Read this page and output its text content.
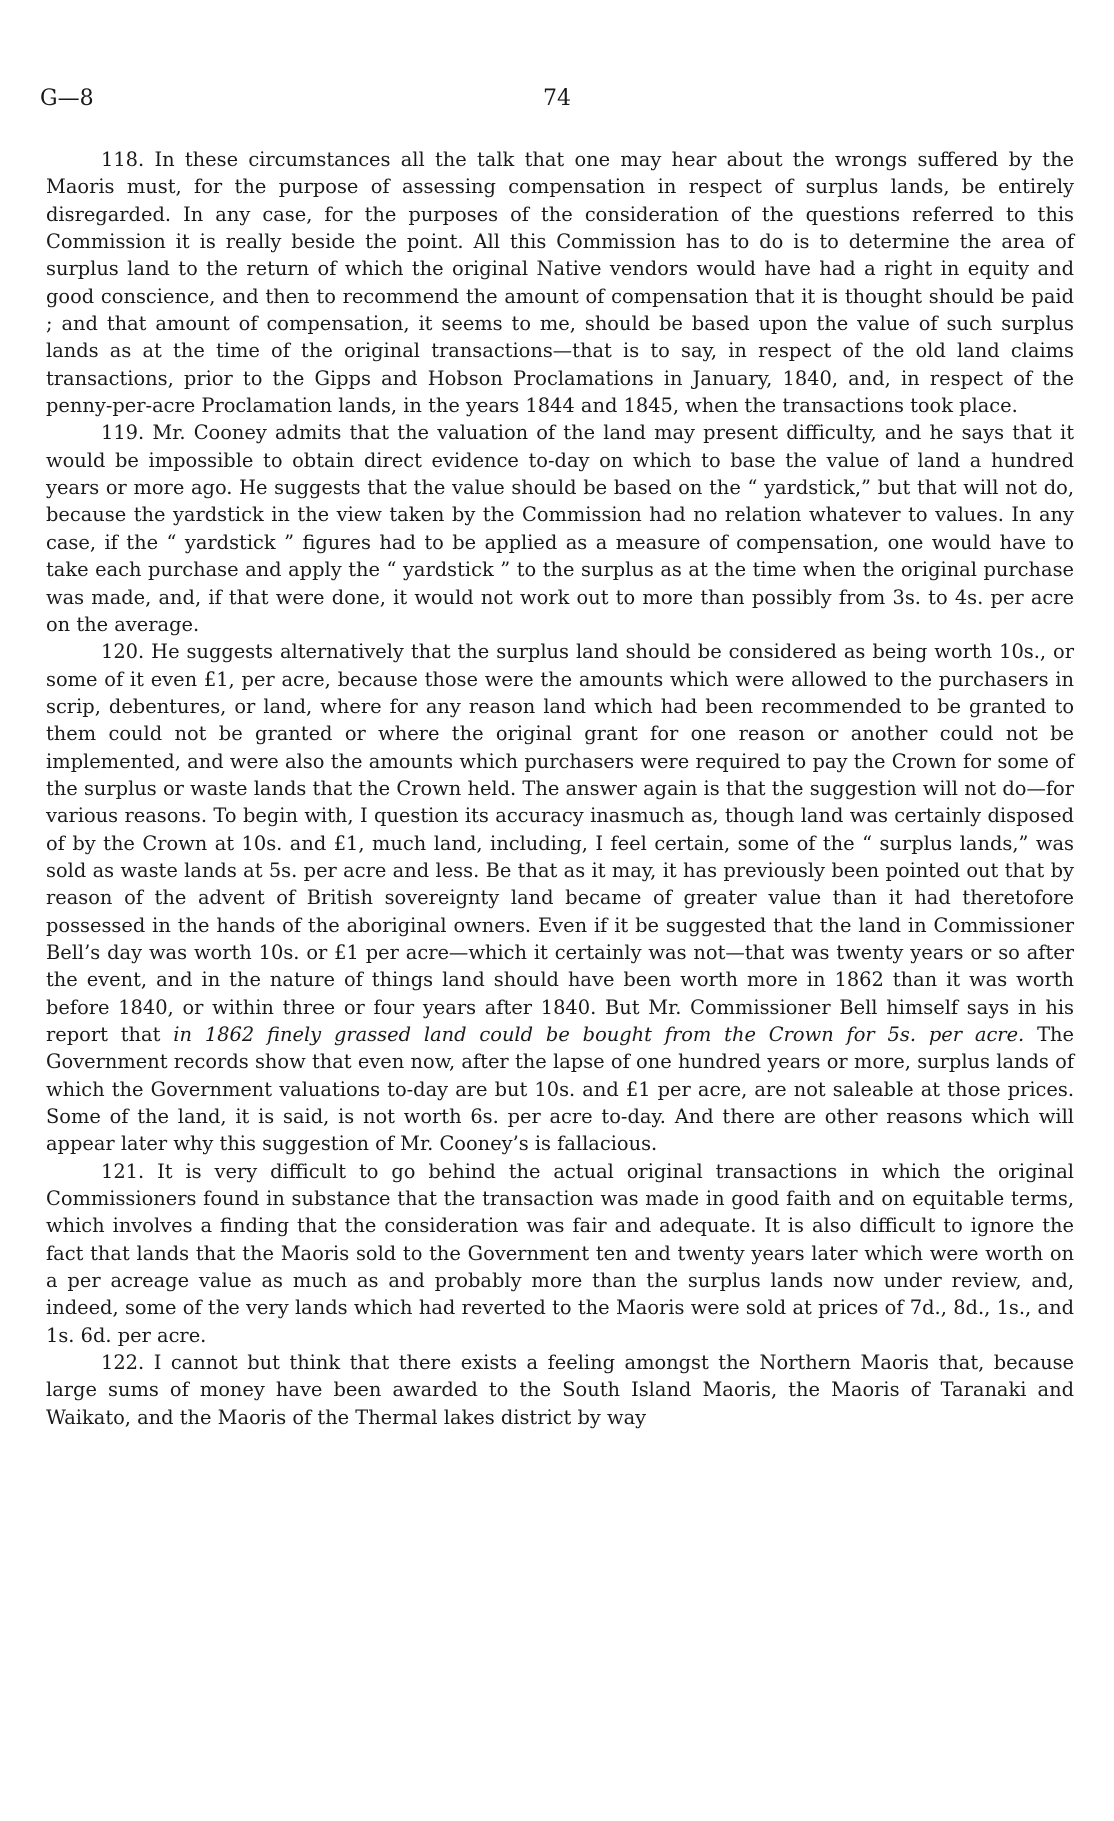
G—8	74

118. In these circumstances all the talk that one may hear about the wrongs suffered by the Maoris must, for the purpose of assessing compensation in respect of surplus lands, be entirely disregarded. In any case, for the purposes of the consideration of the questions referred to this Commission it is really beside the point. All this Commission has to do is to determine the area of surplus land to the return of which the original Native vendors would have had a right in equity and good conscience, and then to recommend the amount of compensation that it is thought should be paid ; and that amount of compensation, it seems to me, should be based upon the value of such surplus lands as at the time of the original transactions—that is to say, in respect of the old land claims transactions, prior to the Gipps and Hobson Proclamations in January, 1840, and, in respect of the penny-per-acre Proclamation lands, in the years 1844 and 1845, when the transactions took place.

119. Mr. Cooney admits that the valuation of the land may present difficulty, and he says that it would be impossible to obtain direct evidence to-day on which to base the value of land a hundred years or more ago. He suggests that the value should be based on the “ yardstick,” but that will not do, because the yardstick in the view taken by the Commission had no relation whatever to values. In any case, if the “ yardstick ” figures had to be applied as a measure of compensation, one would have to take each purchase and apply the “ yardstick ” to the surplus as at the time when the original purchase was made, and, if that were done, it would not work out to more than possibly from 3s. to 4s. per acre on the average.

120. He suggests alternatively that the surplus land should be considered as being worth 10s., or some of it even £1, per acre, because those were the amounts which were allowed to the purchasers in scrip, debentures, or land, where for any reason land which had been recommended to be granted to them could not be granted or where the original grant for one reason or another could not be implemented, and were also the amounts which purchasers were required to pay the Crown for some of the surplus or waste lands that the Crown held. The answer again is that the suggestion will not do—for various reasons. To begin with, I question its accuracy inasmuch as, though land was certainly disposed of by the Crown at 10s. and £1, much land, including, I feel certain, some of the “ surplus lands,” was sold as waste lands at 5s. per acre and less. Be that as it may, it has previously been pointed out that by reason of the advent of British sovereignty land became of greater value than it had theretofore possessed in the hands of the aboriginal owners. Even if it be suggested that the land in Commissioner Bell’s day was worth 10s. or £1 per acre—which it certainly was not—that was twenty years or so after the event, and in the nature of things land should have been worth more in 1862 than it was worth before 1840, or within three or four years after 1840. But Mr. Commissioner Bell himself says in his report that in 1862 finely grassed land could be bought from the Crown for 5s. per acre. The Government records show that even now, after the lapse of one hundred years or more, surplus lands of which the Government valuations to-day are but 10s. and £1 per acre, are not saleable at those prices. Some of the land, it is said, is not worth 6s. per acre to-day. And there are other reasons which will appear later why this suggestion of Mr. Cooney’s is fallacious.

121. It is very difficult to go behind the actual original transactions in which the original Commissioners found in substance that the transaction was made in good faith and on equitable terms, which involves a finding that the consideration was fair and adequate. It is also difficult to ignore the fact that lands that the Maoris sold to the Government ten and twenty years later which were worth on a per acreage value as much as and probably more than the surplus lands now under review, and, indeed, some of the very lands which had reverted to the Maoris were sold at prices of 7d., 8d., 1s., and 1s. 6d. per acre.

122. I cannot but think that there exists a feeling amongst the Northern Maoris that, because large sums of money have been awarded to the South Island Maoris, the Maoris of Taranaki and Waikato, and the Maoris of the Thermal lakes district by way
